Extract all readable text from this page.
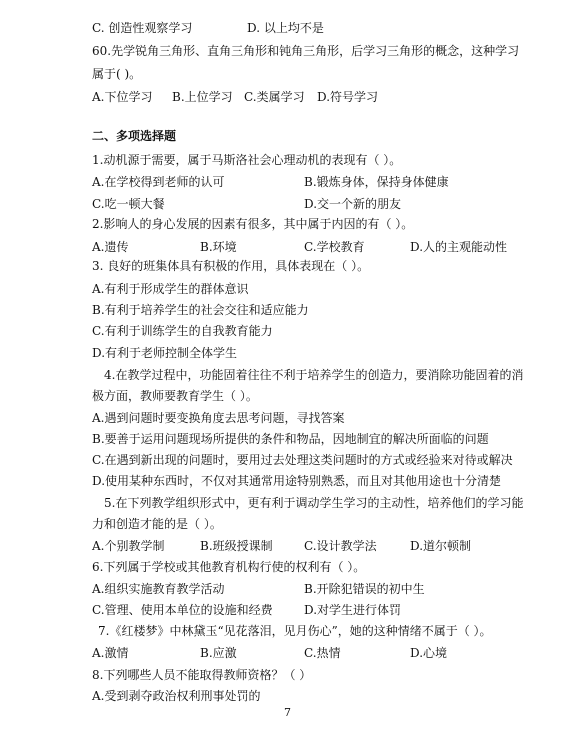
C. 创造性观察学习	D. 以上均不是
60.先学锐角三角形、直角三角形和钝角三角形，后学习三角形的概念，这种学习
属于( )。
A.下位学习 B.上位学习 C.类属学习 D.符号学习
二、多项选择题
1.动机源于需要，属于马斯洛社会心理动机的表现有（ ）。
A.在学校得到老师的认可	B.锻炼身体，保持身体健康
C.吃一顿大餐	D.交一个新的朋友
2.影响人的身心发展的因素有很多，其中属于内因的有（ ）。
A.遗传	B.环境	C.学校教育	D.人的主观能动性
3. 良好的班集体具有积极的作用，具体表现在（ ）。
A.有利于形成学生的群体意识
B.有利于培养学生的社会交往和适应能力
C.有利于训练学生的自我教育能力
D.有利于老师控制全体学生
4.在教学过程中，功能固着往往不利于培养学生的创造力，要消除功能固着的消
极方面，教师要教育学生（ ）。
A.遇到问题时要变换角度去思考问题，寻找答案
B.要善于运用问题现场所提供的条件和物品，因地制宜的解决所面临的问题
C.在遇到新出现的问题时，要用过去处理这类问题时的方式或经验来对待或解决
D.使用某种东西时，不仅对其通常用途特别熟悉，而且对其他用途也十分清楚
5.在下列教学组织形式中，更有利于调动学生学习的主动性，培养他们的学习能
力和创造才能的是（ ）。
A.个别教学制	B.班级授课制	C.设计教学法	D.道尔顿制
6.下列属于学校或其他教育机构行使的权利有（ ）。
A.组织实施教育教学活动	B.开除犯错误的初中生
C.管理、使用本单位的设施和经费	D.对学生进行体罚
7.《红楼梦》中林黛玉“见花落泪，见月伤心”，她的这种情绪不属于（ ）。
A.激情	B.应激	C.热情	D.心境
8.下列哪些人员不能取得教师资格？（ ）
A.受到剥夺政治权利刑事处罚的
7
